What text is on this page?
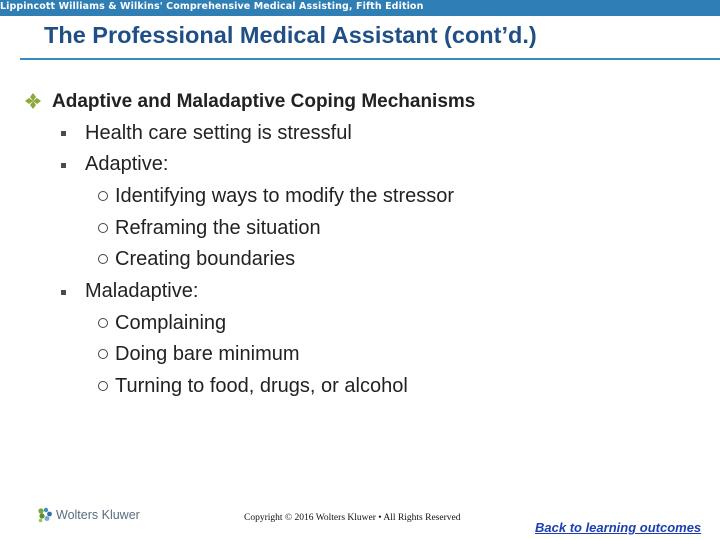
Lippincott Williams & Wilkins' Comprehensive Medical Assisting, Fifth Edition
The Professional Medical Assistant (cont’d.)
Adaptive and Maladaptive Coping Mechanisms
Health care setting is stressful
Adaptive:
Identifying ways to modify the stressor
Reframing the situation
Creating boundaries
Maladaptive:
Complaining
Doing bare minimum
Turning to food, drugs, or alcohol
Wolters Kluwer	Copyright © 2016 Wolters Kluwer • All Rights Reserved
Back to learning outcomes
